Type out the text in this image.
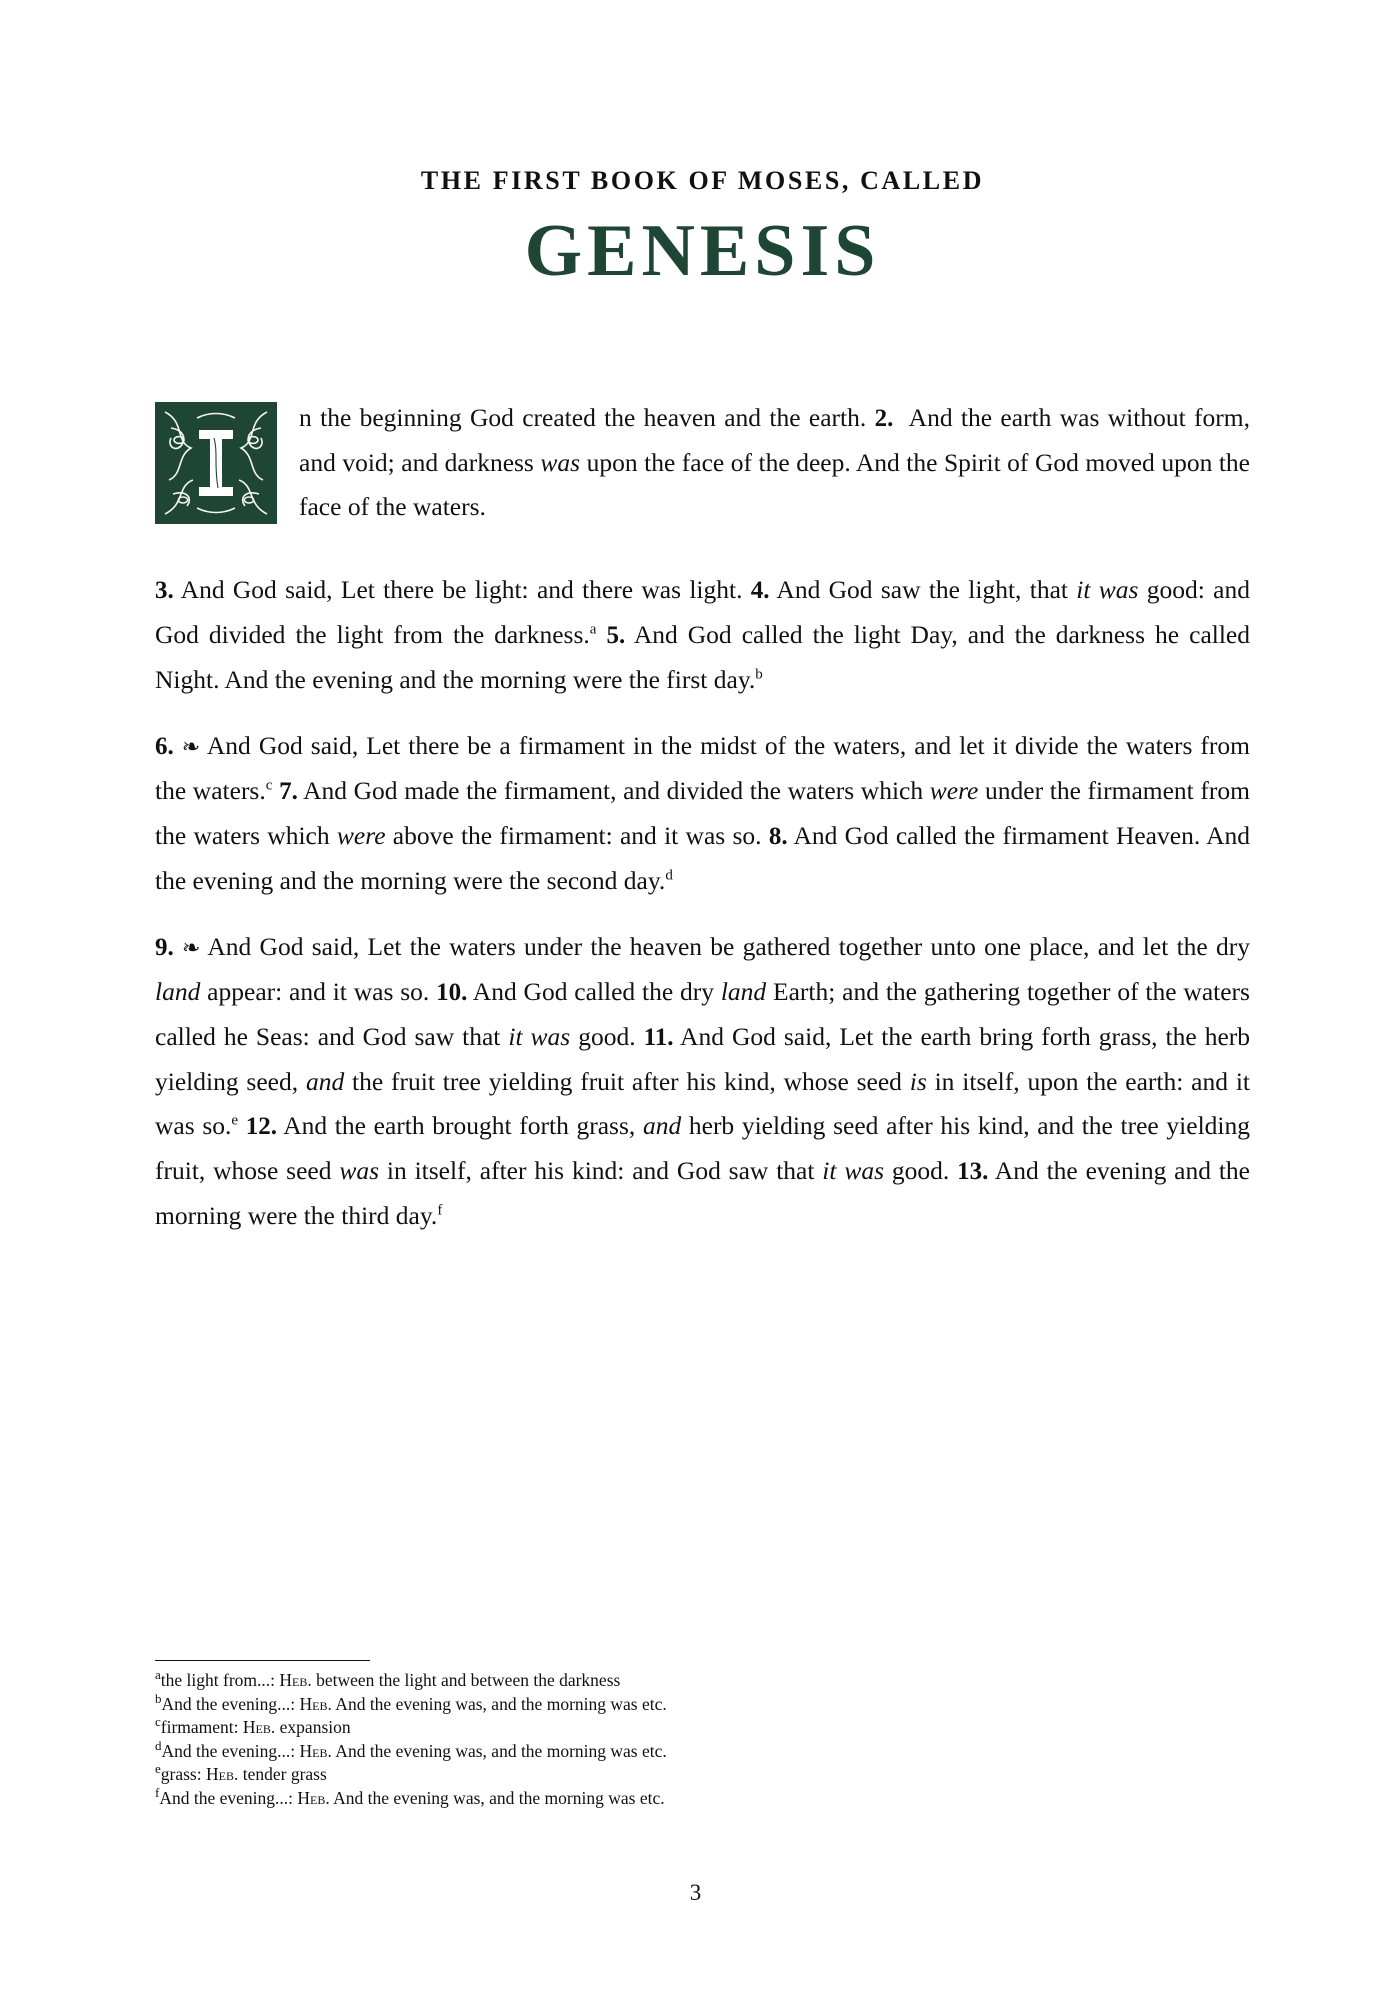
THE FIRST BOOK OF MOSES, CALLED
GENESIS

n the beginning God created the heaven and the earth. 2.  And the earth was without form, and void; and darkness was upon the face of the deep. And the Spirit of God moved upon the face of the waters.

3. And God said, Let there be light: and there was light. 4. And God saw the light, that it was good: and God divided the light from the darkness.$^a$ 5. And God called the light Day, and the darkness he called Night. And the evening and the morning were the first day.$^b$

6. ❧ And God said, Let there be a firmament in the midst of the waters, and let it divide the waters from the waters.$^c$ 7. And God made the firmament, and divided the waters which were under the firmament from the waters which were above the firmament: and it was so. 8. And God called the firmament Heaven. And the evening and the morning were the second day.$^d$

9. ❧ And God said, Let the waters under the heaven be gathered together unto one place, and let the dry land appear: and it was so. 10. And God called the dry land Earth; and the gathering together of the waters called he Seas: and God saw that it was good. 11. And God said, Let the earth bring forth grass, the herb yielding seed, and the fruit tree yielding fruit after his kind, whose seed is in itself, upon the earth: and it was so.$^e$ 12. And the earth brought forth grass, and herb yielding seed after his kind, and the tree yielding fruit, whose seed was in itself, after his kind: and God saw that it was good. 13. And the evening and the morning were the third day.$^f$

$^a$the light from...: Heb. between the light and between the darkness

$^b$And the evening...: Heb. And the evening was, and the morning was etc.

$^c$firmament: Heb. expansion

$^d$And the evening...: Heb. And the evening was, and the morning was etc.

$^e$grass: Heb. tender grass

$^f$And the evening...: Heb. And the evening was, and the morning was etc.

3
